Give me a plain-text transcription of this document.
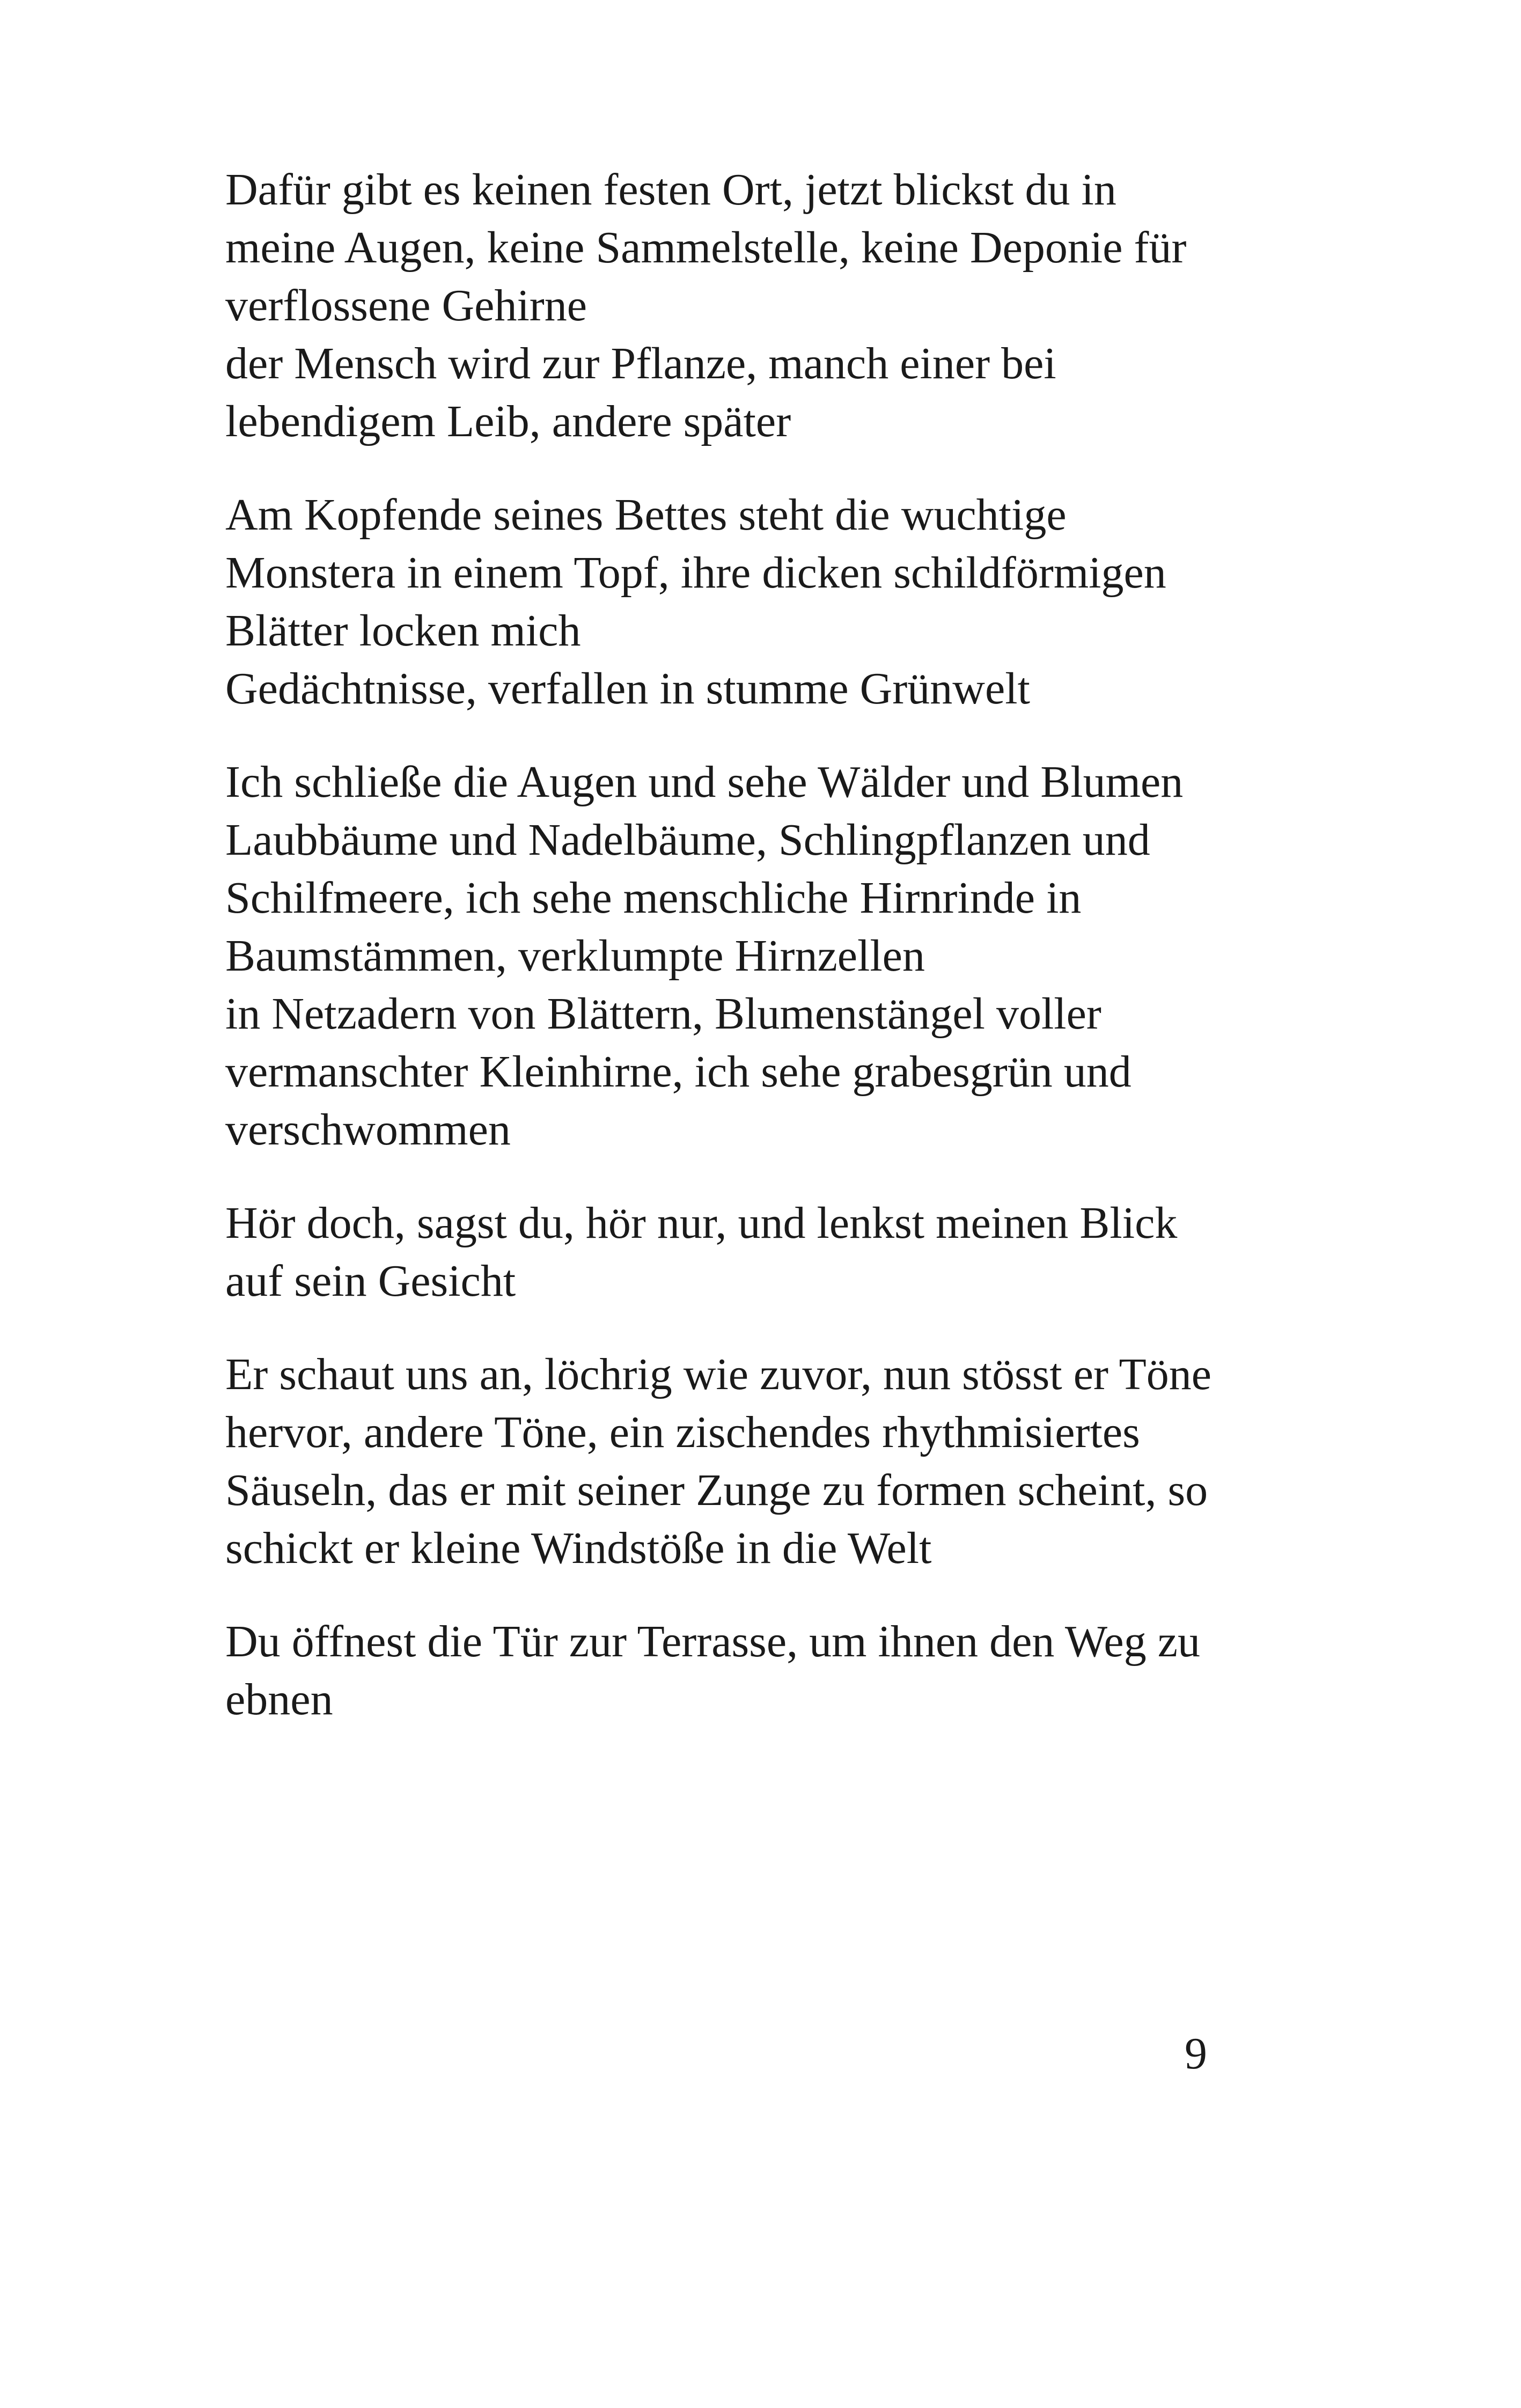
Dafür gibt es keinen festen Ort, jetzt blickst du in
meine Augen, keine Sammelstelle, keine Deponie für
verflossene Gehirne
der Mensch wird zur Pflanze, manch einer bei
lebendigem Leib, andere später

Am Kopfende seines Bettes steht die wuchtige
Monstera in einem Topf, ihre dicken schildförmigen
Blätter locken mich
Gedächtnisse, verfallen in stumme Grünwelt

Ich schließe die Augen und sehe Wälder und Blumen
Laubbäume und Nadelbäume, Schlingpflanzen und
Schilfmeere, ich sehe menschliche Hirnrinde in
Baumstämmen, verklumpte Hirnzellen
in Netzadern von Blättern, Blumenstängel voller
vermanschter Kleinhirne, ich sehe grabesgrün und
verschwommen

Hör doch, sagst du, hör nur, und lenkst meinen Blick
auf sein Gesicht

Er schaut uns an, löchrig wie zuvor, nun stösst er Töne
hervor, andere Töne, ein zischendes rhythmisiertes
Säuseln, das er mit seiner Zunge zu formen scheint, so
schickt er kleine Windstöße in die Welt

Du öffnest die Tür zur Terrasse, um ihnen den Weg zu
ebnen

9
